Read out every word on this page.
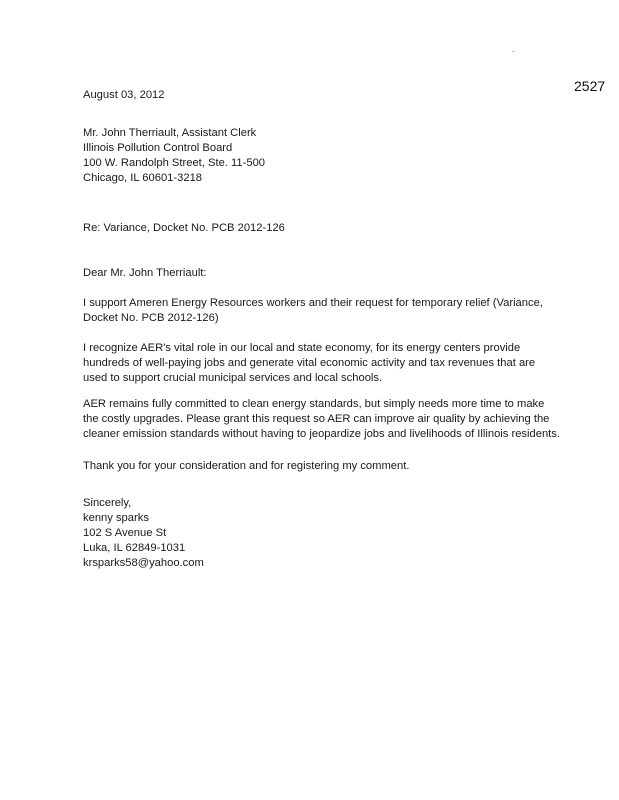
.
2527
August 03, 2012
Mr. John Therriault, Assistant Clerk
Illinois Pollution Control Board
100 W. Randolph Street, Ste. 11-500
Chicago, IL 60601-3218
Re: Variance, Docket No. PCB 2012-126
Dear Mr. John Therriault:
I support Ameren Energy Resources workers and their request for temporary relief (Variance,
Docket No. PCB 2012-126)
I recognize AER's vital role in our local and state economy, for its energy centers provide
hundreds of well-paying jobs and generate vital economic activity and tax revenues that are
used to support crucial municipal services and local schools.
AER remains fully committed to clean energy standards, but simply needs more time to make
the costly upgrades. Please grant this request so AER can improve air quality by achieving the
cleaner emission standards without having to jeopardize jobs and livelihoods of Illinois residents.
Thank you for your consideration and for registering my comment.
Sincerely,
kenny sparks
102 S Avenue St
Luka, IL 62849-1031
krsparks58@yahoo.com
